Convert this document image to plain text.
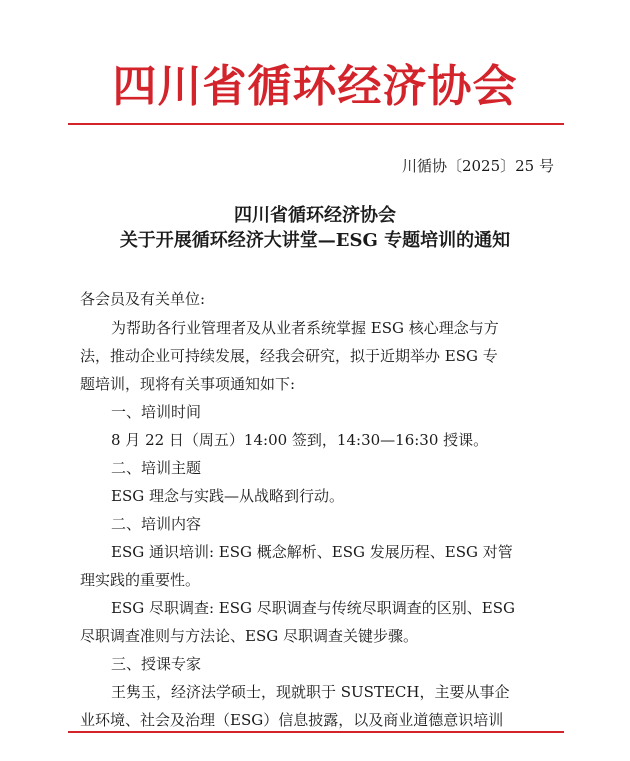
四川省循环经济协会
川循协〔2025〕25 号
四川省循环经济协会
关于开展循环经济大讲堂—ESG 专题培训的通知
各会员及有关单位:
为帮助各行业管理者及从业者系统掌握 ESG 核心理念与方
法，推动企业可持续发展，经我会研究，拟于近期举办 ESG 专
题培训，现将有关事项通知如下:
一、培训时间
8 月 22 日（周五）14:00 签到，14:30—16:30 授课。
二、培训主题
ESG 理念与实践—从战略到行动。
二、培训内容
ESG 通识培训: ESG 概念解析、ESG 发展历程、ESG 对管
理实践的重要性。
ESG 尽职调查: ESG 尽职调查与传统尽职调查的区别、ESG
尽职调查准则与方法论、ESG 尽职调查关键步骤。
三、授课专家
王隽玉，经济法学硕士，现就职于 SUSTECH，主要从事企
业环境、社会及治理（ESG）信息披露，以及商业道德意识培训
